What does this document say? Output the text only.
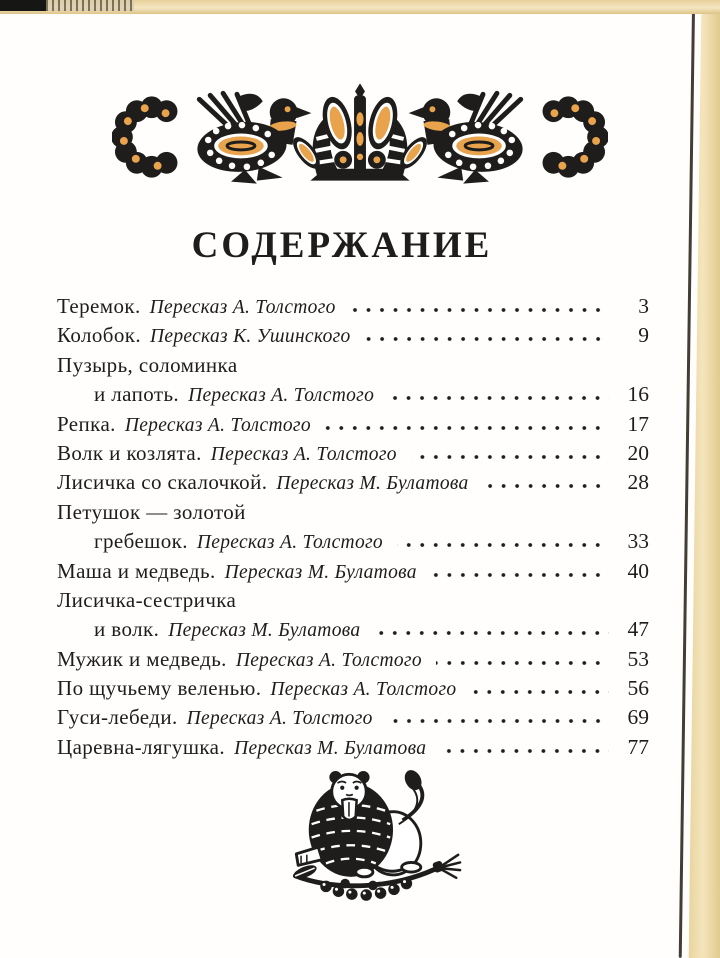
СОДЕРЖАНИЕ
Теремок. Пересказ А. Толстого	3
Колобок. Пересказ К. Ушинского	9
Пузырь, соломинка
и лапоть. Пересказ А. Толстого	16
Репка. Пересказ А. Толстого	17
Волк и козлята. Пересказ А. Толстого	20
Лисичка со скалочкой. Пересказ М. Булатова	28
Петушок — золотой
гребешок. Пересказ А. Толстого	33
Маша и медведь. Пересказ М. Булатова	40
Лисичка-сестричка
и волк. Пересказ М. Булатова	47
Мужик и медведь. Пересказ А. Толстого	53
По щучьему веленью. Пересказ А. Толстого	56
Гуси-лебеди. Пересказ А. Толстого	69
Царевна-лягушка. Пересказ М. Булатова	77
